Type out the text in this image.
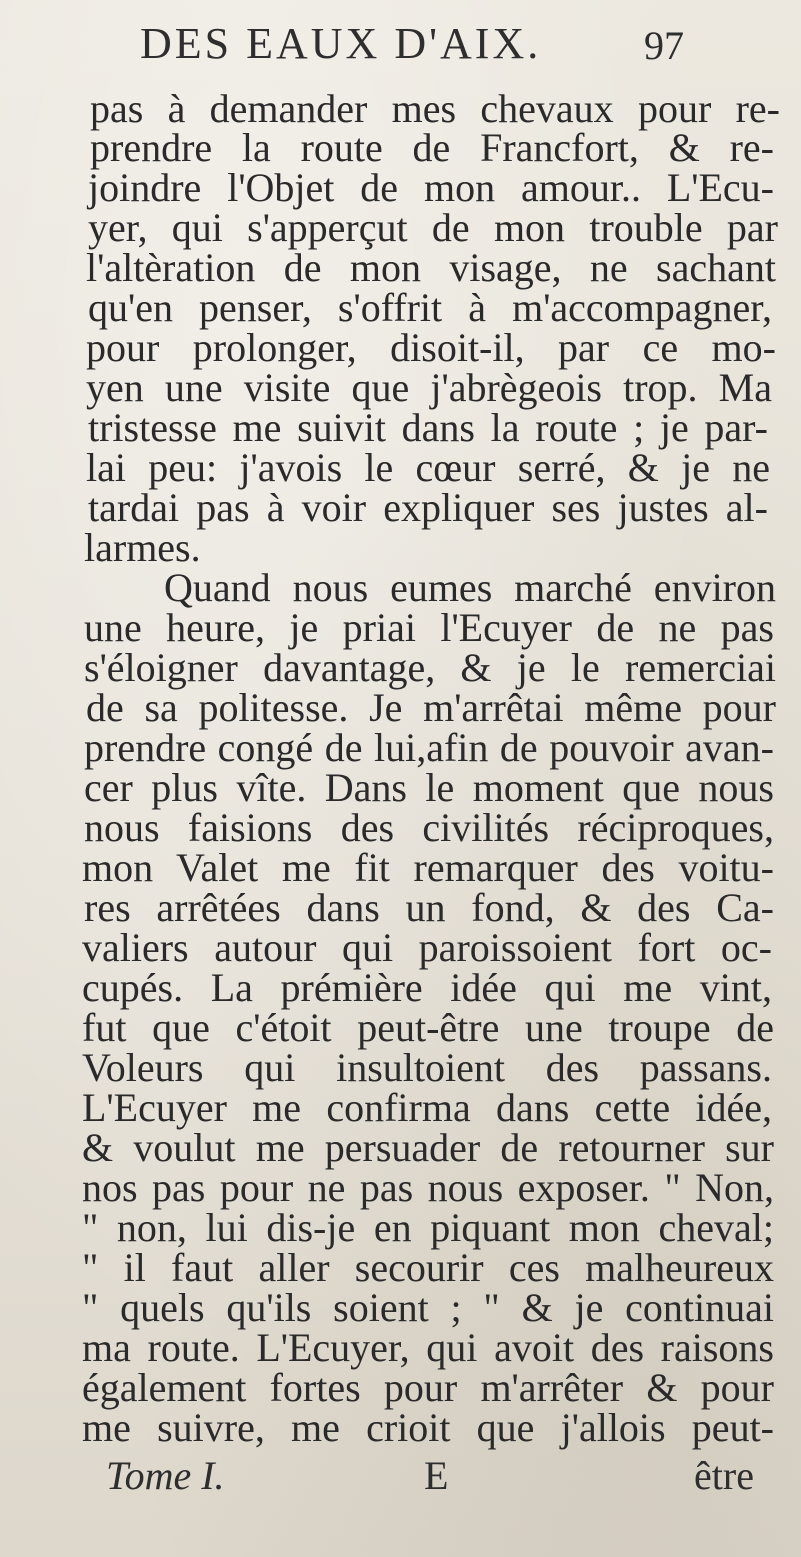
DES EAUX D'AIX.	97
pas à demander mes chevaux pour re-
prendre la route de Francfort, & re-
joindre l'Objet de mon amour.. L'Ecu-
yer, qui s'apperçut de mon trouble par
l'altèration de mon visage, ne sachant
qu'en penser, s'offrit à m'accompagner,
pour prolonger, disoit-il, par ce mo-
yen une visite que j'abrègeois trop. Ma
tristesse me suivit dans la route ; je par-
lai peu: j'avois le cœur serré, & je ne
tardai pas à voir expliquer ses justes al-
larmes.
Quand nous eumes marché environ
une heure, je priai l'Ecuyer de ne pas
s'éloigner davantage, & je le remerciai
de sa politesse. Je m'arrêtai même pour
prendre congé de lui,afin de pouvoir avan-
cer plus vîte. Dans le moment que nous
nous faisions des civilités réciproques,
mon Valet me fit remarquer des voitu-
res arrêtées dans un fond, & des Ca-
valiers autour qui paroissoient fort oc-
cupés. La prémière idée qui me vint,
fut que c'étoit peut-être une troupe de
Voleurs qui insultoient des passans.
L'Ecuyer me confirma dans cette idée,
& voulut me persuader de retourner sur
nos pas pour ne pas nous exposer. " Non,
" non, lui dis-je en piquant mon cheval;
" il faut aller secourir ces malheureux
" quels qu'ils soient ; " & je continuai
ma route. L'Ecuyer, qui avoit des raisons
également fortes pour m'arrêter & pour
me suivre, me crioit que j'allois peut-
Tome I.	E	être
